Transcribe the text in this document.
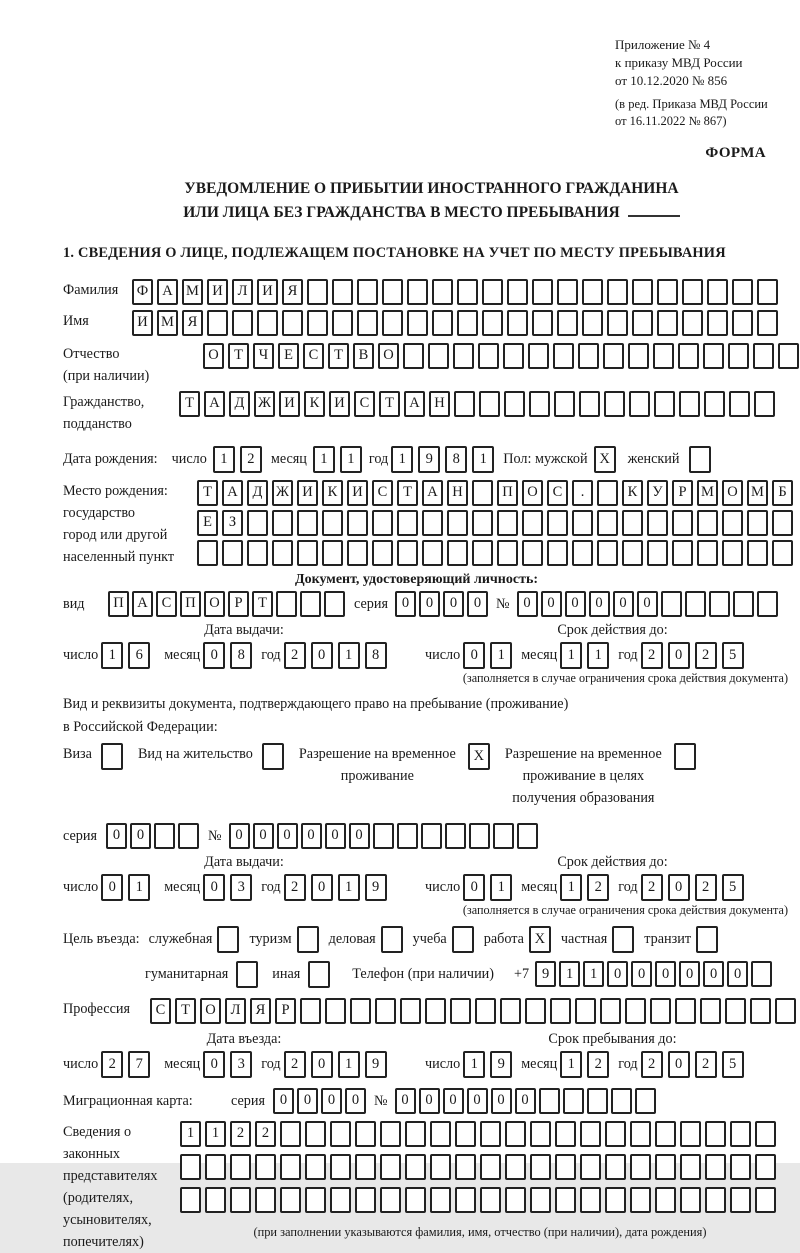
Приложение № 4
к приказу МВД России
от 10.12.2020 № 856
(в ред. Приказа МВД России
от 16.11.2022 № 867)
ФОРМА
УВЕДОМЛЕНИЕ О ПРИБЫТИИ ИНОСТРАННОГО ГРАЖДАНИНА
ИЛИ ЛИЦА БЕЗ ГРАЖДАНСТВА В МЕСТО ПРЕБЫВАНИЯ
1. СВЕДЕНИЯ О ЛИЦЕ, ПОДЛЕЖАЩЕМ ПОСТАНОВКЕ НА УЧЕТ ПО МЕСТУ ПРЕБЫВАНИЯ
Фамилия	Ф А М И	Л	И	Я
Имя	И М Я
Отчество
(при наличии)
О	Т	Ч	Е	С	Т	В	О
Гражданство,
подданство
Т	А	Д Ж И	К	И	С	Т	А	Н
Дата рождения: число 1	2	месяц 1	1	год 1	9	8	1	Пол: мужской X	женский
Место рождения:
государство
город или другой
населенный пункт
Т	А	Д Ж И	К	И	С	Т	А	Н	П	О	С	.	К	У	Р	М О М Б
Е	З
Документ, удостоверяющий личность:
вид	П А С П О	Р	Т	серия 0	0	0	0	№ 0	0	0	0	0	0
Дата выдачи:
число 1	6	месяц 0	8	год 2	0	1	8
Срок действия до:
число 0	1	месяц 1	1	год 2	0	2	5
(заполняется в случае ограничения срока действия документа)
Вид и реквизиты документа, подтверждающего право на пребывание (проживание)
в Российской Федерации:
Виза	Вид на жительство	Разрешение на временное
проживание
X	Разрешение на временное
проживание в целях
получения образования
серия	0	0	№ 0	0	0	0	0	0
Дата выдачи:
число 0	1	месяц 0	3	год 2	0	1	9
Срок действия до:
число 0	1	месяц 1	2	год 2	0	2	5
(заполняется в случае ограничения срока действия документа)
Цель въезда: служебная	туризм	деловая	учеба	работа X	частная	транзит
гуманитарная	иная	Телефон (при наличии) +7 9	1	1	0	0	0	0	0	0
Профессия	С	Т	О	Л	Я	Р
Дата въезда:
число 2	7	месяц 0	3	год 2	0	1	9
Срок пребывания до:
число 1	9	месяц 1	2	год 2	0	2	5
Миграционная карта:	серия	0	0	0	0	№ 0	0	0	0	0	0
Сведения о
законных
представителях
(родителях,
усыновителях,
попечителях)
1	1	2	2
(при заполнении указываются фамилия, имя, отчество (при наличии), дата рождения)
